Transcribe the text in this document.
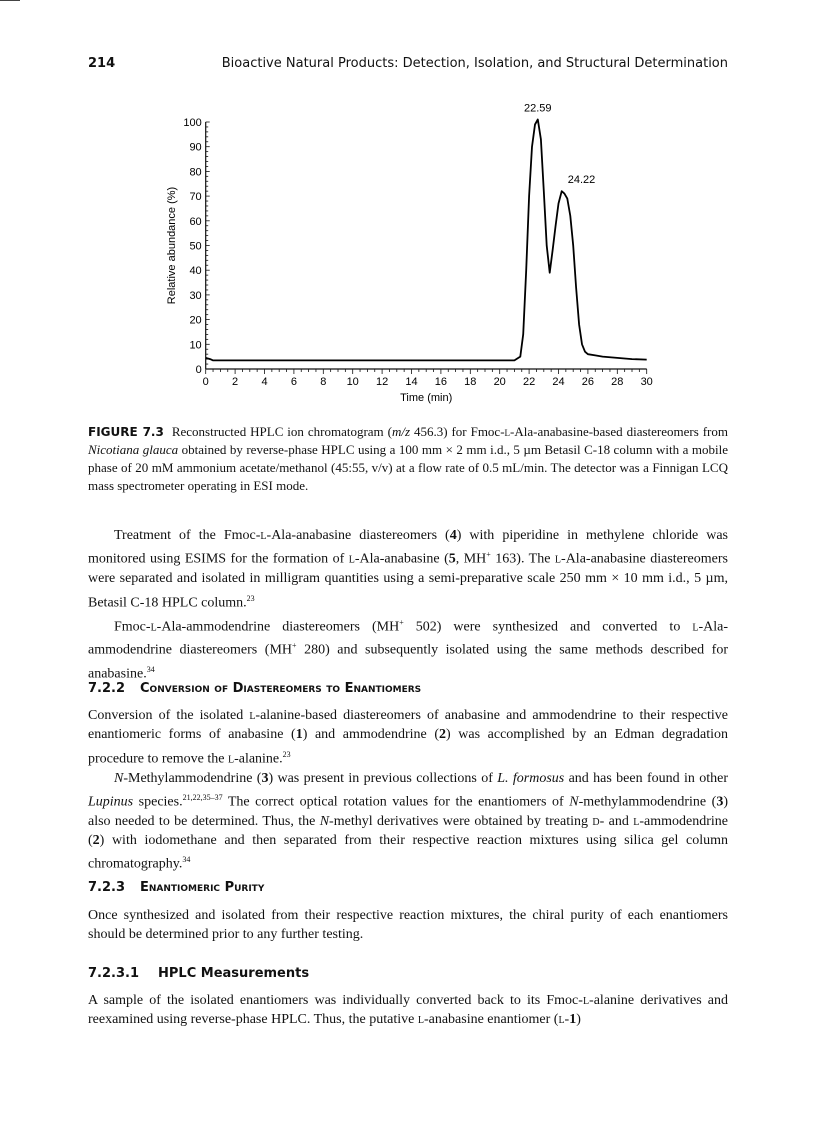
214	Bioactive Natural Products: Detection, Isolation, and Structural Determination
0
10
20
30
40
50
60
70
80
90
100
0 2 4 6 8 10 12 14 16 18 20 22 24 26 28 30
Time (min)
Relative abundance (%)
22.59
24.22
FIGURE 7.3 Reconstructed HPLC ion chromatogram (m/z 456.3) for Fmoc-l-Ala-anabasine-based diastereomers from Nicotiana glauca obtained by reverse-phase HPLC using a 100 mm × 2 mm i.d., 5 µm Betasil C-18 column with a mobile phase of 20 mM ammonium acetate/methanol (45:55, v/v) at a flow rate of 0.5 mL/min. The detector was a Finnigan LCQ mass spectrometer operating in ESI mode.

Treatment of the Fmoc-l-Ala-anabasine diastereomers (4) with piperidine in methylene chloride was monitored using ESIMS for the formation of l-Ala-anabasine (5, MH+ 163). The l-Ala-anabasine diastereomers were separated and isolated in milligram quantities using a semi-preparative scale 250 mm × 10 mm i.d., 5 µm, Betasil C-18 HPLC column.$^{23}$

Fmoc-l-Ala-ammodendrine diastereomers (MH+ 502) were synthesized and converted to l-Ala-ammodendrine diastereomers (MH+ 280) and subsequently isolated using the same methods described for anabasine.$^{34}$

7.2.2 Conversion of Diastereomers to Enantiomers

Conversion of the isolated l-alanine-based diastereomers of anabasine and ammodendrine to their respective enantiomeric forms of anabasine (1) and ammodendrine (2) was accomplished by an Edman degradation procedure to remove the l-alanine.$^{23}$

N-Methylammodendrine (3) was present in previous collections of L. formosus and has been found in other Lupinus species.$^{21,22,35-37}$ The correct optical rotation values for the enantiomers of N-methylammodendrine (3) also needed to be determined. Thus, the N-methyl derivatives were obtained by treating d- and l-ammodendrine (2) with iodomethane and then separated from their respective reaction mixtures using silica gel column chromatography.$^{34}$

7.2.3 Enantiomeric Purity

Once synthesized and isolated from their respective reaction mixtures, the chiral purity of each enantiomers should be determined prior to any further testing.

7.2.3.1 HPLC Measurements

A sample of the isolated enantiomers was individually converted back to its Fmoc-l-alanine derivatives and reexamined using reverse-phase HPLC. Thus, the putative l-anabasine enantiomer (l-1)
